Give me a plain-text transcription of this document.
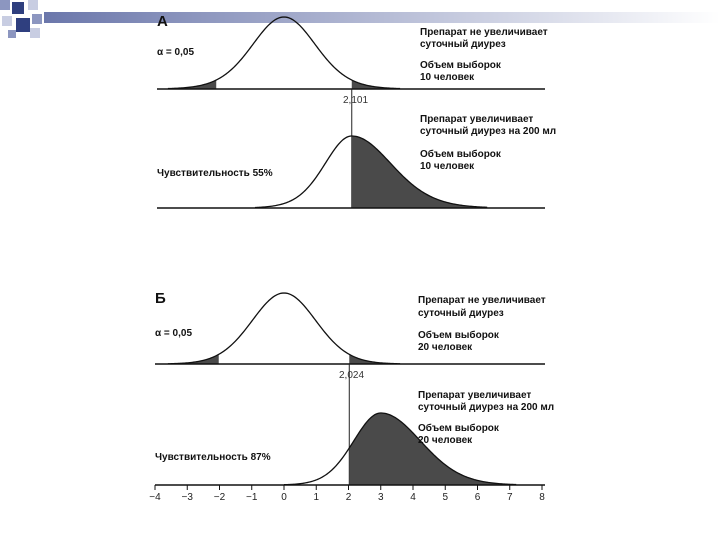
А
α = 0,05
Препарат не увеличивает
суточный диурез
Объем выборок
10 человек
2,101
Препарат увеличивает
суточный диурез на 200 мл
Объем выборок
10 человек
Чувствительность 55%
Б
α = 0,05
Препарат не увеличивает
суточный диурез
Объем выборок
20 человек
2,024
Препарат увеличивает
суточный диурез на 200 мл
Объем выборок
20 человек
Чувствительность 87%
−4 −3 −2 −1 0	1	2	3	4	5	6	7	8
